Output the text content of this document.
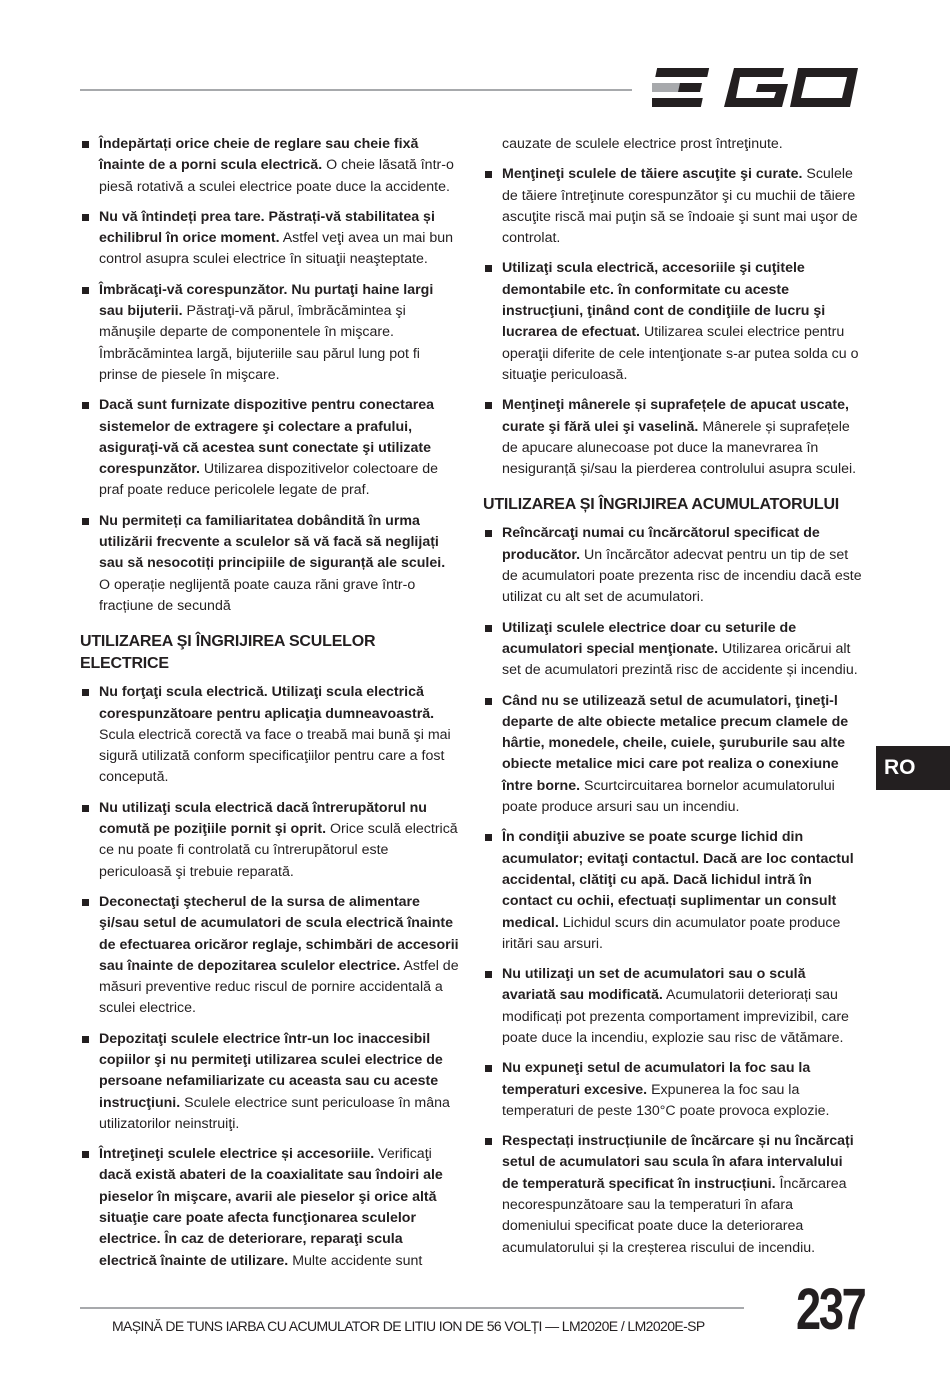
Îndepărtați orice cheie de reglare sau cheie fixă înainte de a porni scula electrică. O cheie lăsată într-o piesă rotativă a sculei electrice poate duce la accidente.
Nu vă întindeți prea tare. Păstrați-vă stabilitatea și echilibrul în orice moment. Astfel veţi avea un mai bun control asupra sculei electrice în situaţii neaşteptate.
Îmbrăcaţi-vă corespunzător. Nu purtaţi haine largi sau bijuterii. Păstraţi-vă părul, îmbrăcămintea şi mănuşile departe de componentele în mişcare. Îmbrăcămintea largă, bijuteriile sau părul lung pot fi prinse de piesele în mişcare.
Dacă sunt furnizate dispozitive pentru conectarea sistemelor de extragere şi colectare a prafului, asiguraţi-vă că acestea sunt conectate şi utilizate corespunzător. Utilizarea dispozitivelor colectoare de praf poate reduce pericolele legate de praf.
Nu permiteți ca familiaritatea dobândită în urma utilizării frecvente a sculelor să vă facă să neglijați sau să nesocotiți principiile de siguranță ale sculei. O operație neglijentă poate cauza răni grave într-o fracțiune de secundă
UTILIZAREA ŞI ÎNGRIJIREA SCULELOR ELECTRICE
Nu forţaţi scula electrică. Utilizaţi scula electrică corespunzătoare pentru aplicaţia dumneavoastră. Scula electrică corectă va face o treabă mai bună şi mai sigură utilizată conform specificaţiilor pentru care a fost concepută.
Nu utilizaţi scula electrică dacă întrerupătorul nu comută pe poziţiile pornit şi oprit. Orice sculă electrică ce nu poate fi controlată cu întrerupătorul este periculoasă şi trebuie reparată.
Deconectaţi ştecherul de la sursa de alimentare şi/sau setul de acumulatori de scula electrică înainte de efectuarea oricăror reglaje, schimbări de accesorii sau înainte de depozitarea sculelor electrice. Astfel de măsuri preventive reduc riscul de pornire accidentală a sculei electrice.
Depozitaţi sculele electrice într-un loc inaccesibil copiilor şi nu permiteţi utilizarea sculei electrice de persoane nefamiliarizate cu aceasta sau cu aceste instrucţiuni. Sculele electrice sunt periculoase în mâna utilizatorilor neinstruiţi.
Întreţineţi sculele electrice și accesoriile. Verificaţi dacă există abateri de la coaxialitate sau îndoiri ale pieselor în mişcare, avarii ale pieselor şi orice altă situaţie care poate afecta funcţionarea sculelor electrice. În caz de deteriorare, reparaţi scula electrică înainte de utilizare. Multe accidente sunt
cauzate de sculele electrice prost întreţinute.
Menţineţi sculele de tăiere ascuţite şi curate. Sculele de tăiere întreţinute corespunzător şi cu muchii de tăiere ascuţite riscă mai puţin să se îndoaie şi sunt mai uşor de controlat.
Utilizaţi scula electrică, accesoriile şi cuţitele demontabile etc. în conformitate cu aceste instrucţiuni, ţinând cont de condiţiile de lucru şi lucrarea de efectuat. Utilizarea sculei electrice pentru operaţii diferite de cele intenţionate s-ar putea solda cu o situaţie periculoasă.
Menţineţi mânerele și suprafețele de apucat uscate, curate şi fără ulei şi vaselină. Mânerele și suprafețele de apucare alunecoase pot duce la manevrarea în nesiguranță și/sau la pierderea controlului asupra sculei.
UTILIZAREA ȘI ÎNGRIJIREA ACUMULATORULUI
Reîncărcaţi numai cu încărcătorul specificat de producător. Un încărcător adecvat pentru un tip de set de acumulatori poate prezenta risc de incendiu dacă este utilizat cu alt set de acumulatori.
Utilizaţi sculele electrice doar cu seturile de acumulatori special menţionate. Utilizarea oricărui alt set de acumulatori prezintă risc de accidente și incendiu.
Când nu se utilizează setul de acumulatori, ţineţi-l departe de alte obiecte metalice precum clamele de hârtie, monedele, cheile, cuiele, şuruburile sau alte obiecte metalice mici care pot realiza o conexiune între borne. Scurtcircuitarea bornelor acumulatorului poate produce arsuri sau un incendiu.
În condiţii abuzive se poate scurge lichid din acumulator; evitaţi contactul. Dacă are loc contactul accidental, clătiţi cu apă. Dacă lichidul intră în contact cu ochii, efectuați suplimentar un consult medical. Lichidul scurs din acumulator poate produce iritări sau arsuri.
Nu utilizaţi un set de acumulatori sau o sculă avariată sau modificată. Acumulatorii deteriorați sau modificați pot prezenta comportament imprevizibil, care poate duce la incendiu, explozie sau risc de vătămare.
Nu expuneţi setul de acumulatori la foc sau la temperaturi excesive. Expunerea la foc sau la temperaturi de peste 130°C poate provoca explozie.
Respectați instrucțiunile de încărcare și nu încărcați setul de acumulatori sau scula în afara intervalului de temperatură specificat în instrucțiuni. Încărcarea necorespunzătoare sau la temperaturi în afara domeniului specificat poate duce la deteriorarea acumulatorului și la creșterea riscului de incendiu.
RO
MAȘINĂ DE TUNS IARBA CU ACUMULATOR DE LITIU ION DE 56 VOLȚI — LM2020E / LM2020E-SP 237
